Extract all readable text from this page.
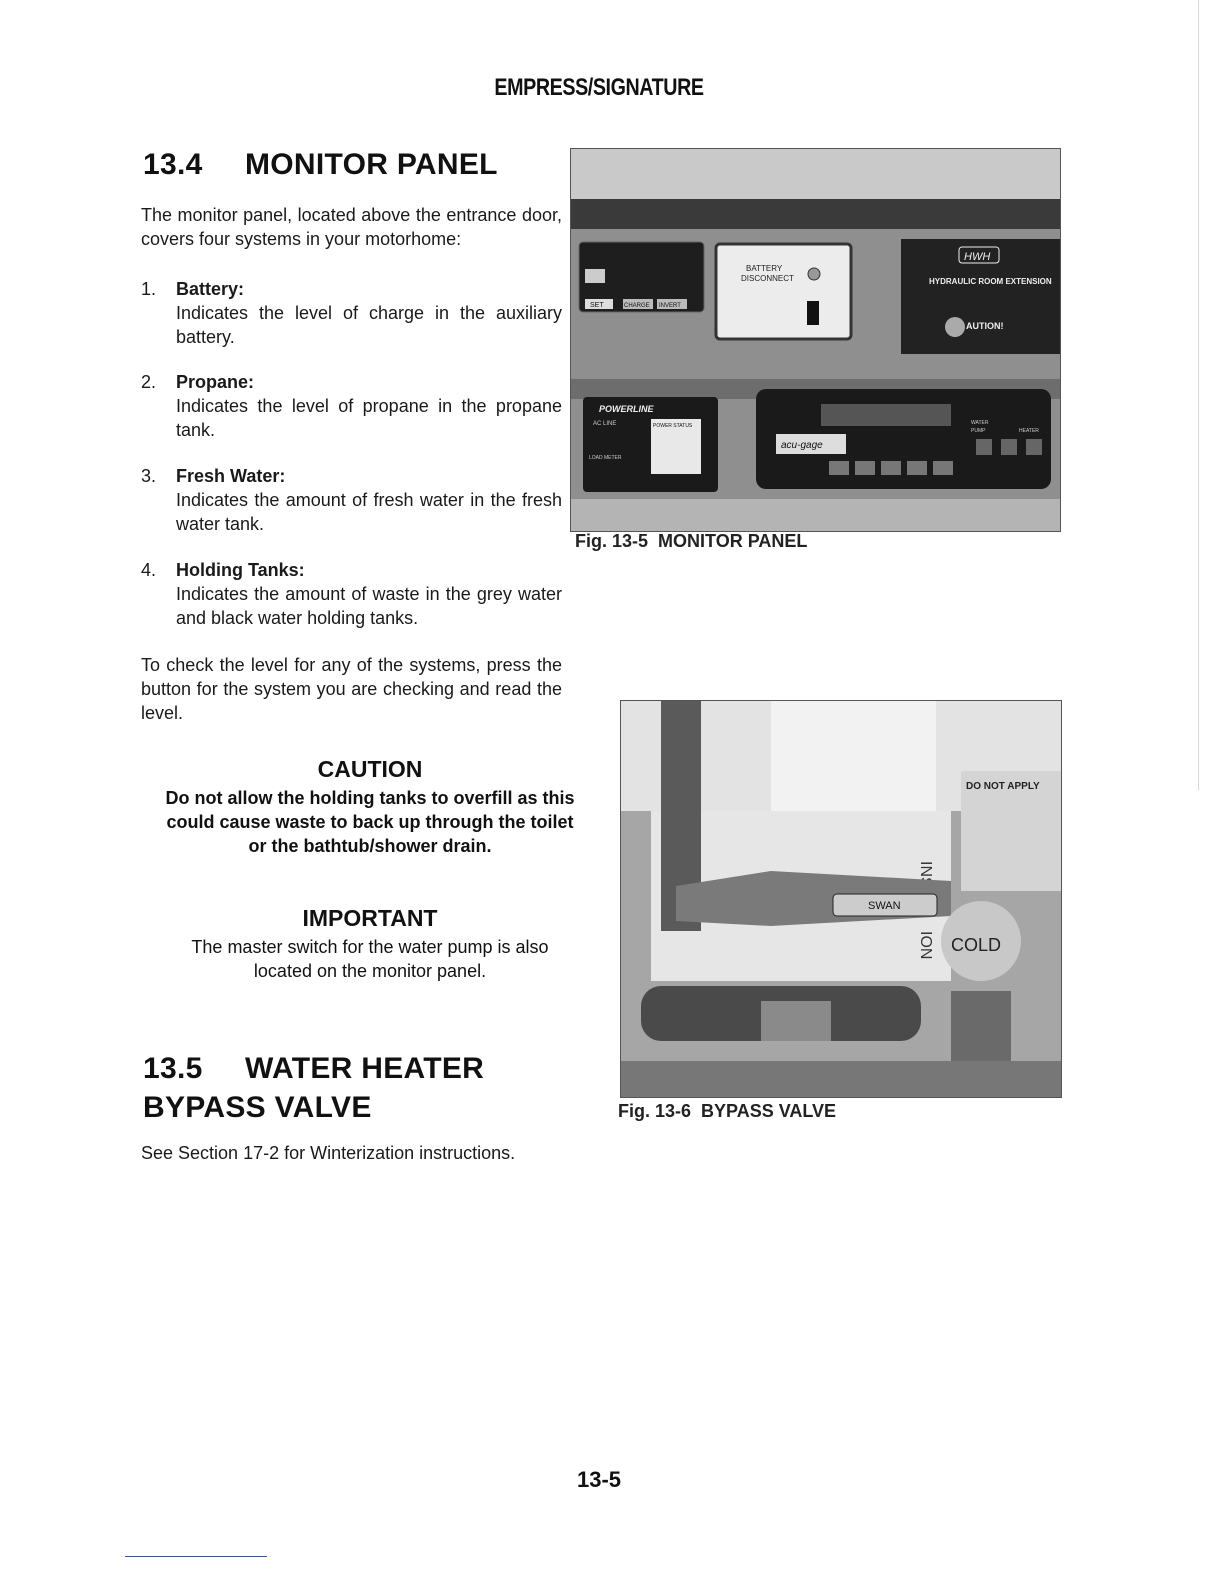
EMPRESS/SIGNATURE
13.4 MONITOR PANEL
The monitor panel, located above the entrance door, covers four systems in your motorhome:
1. Battery:
Indicates the level of charge in the auxiliary battery.
2. Propane:
Indicates the level of propane in the propane tank.
3. Fresh Water:
Indicates the amount of fresh water in the fresh water tank.
4. Holding Tanks:
Indicates the amount of waste in the grey water and black water holding tanks.
To check the level for any of the systems, press the button for the system you are checking and read the level.
CAUTION
Do not allow the holding tanks to overfill as this could cause waste to back up through the toilet or the bathtub/shower drain.
IMPORTANT
The master switch for the water pump is also located on the monitor panel.
13.5 WATER HEATER
BYPASS VALVE
See Section 17-2 for Winterization instructions.
SET	CHARGE INVERT
BATTERY
DISCONNECT
HWH
HYDRAULIC ROOM EXTENSION
AUTION!
POWERLINE
AC LINE
LOAD METER
POWER STATUS
acu-gage
WATER
PUMP	HEATER
Fig. 13-5 MONITOR PANEL
DO NOT APPLY
ION
SWAN
COLD
Fig. 13-6 BYPASS VALVE
13-5
